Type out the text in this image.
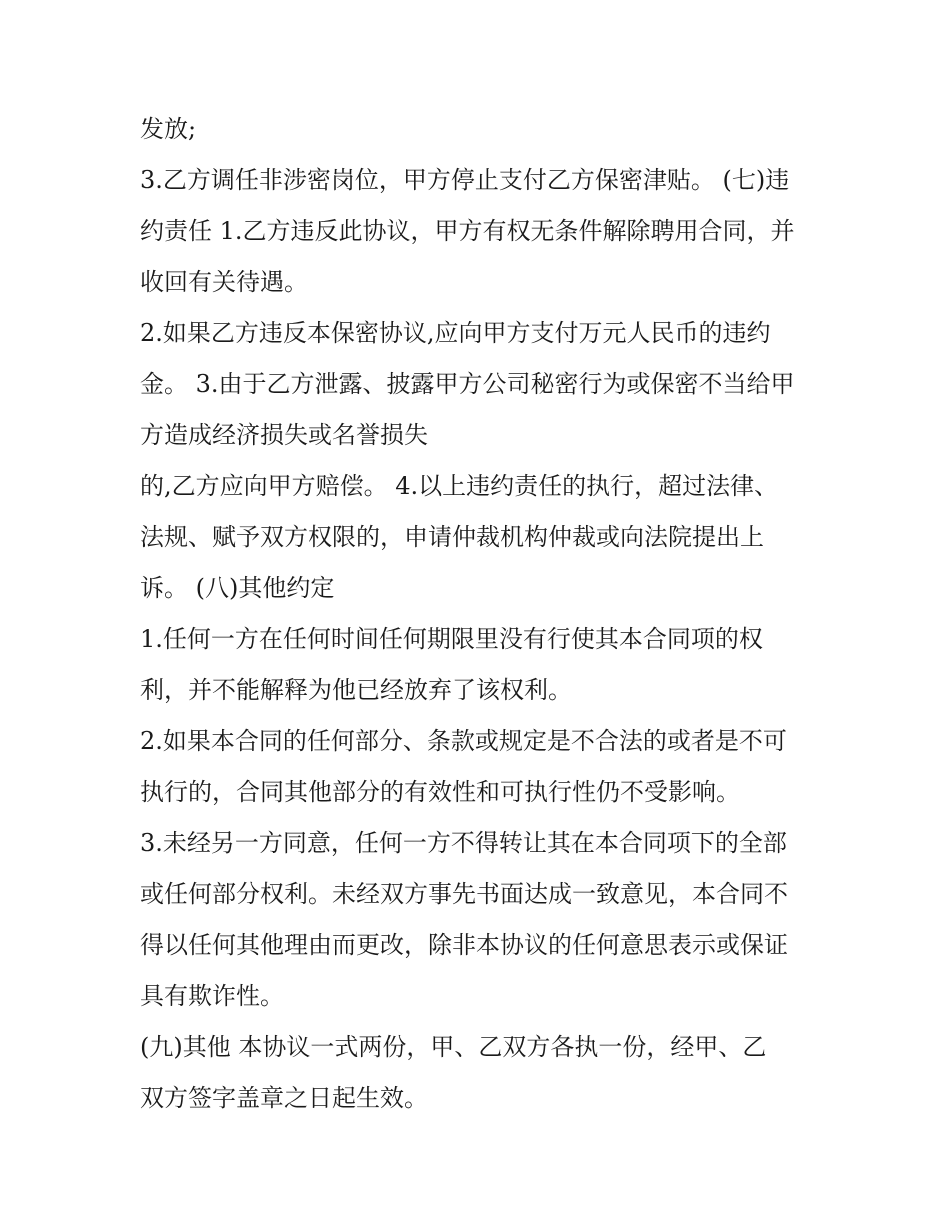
发放;
3.乙方调任非涉密岗位，甲方停止支付乙方保密津贴。 (七)违
约责任 1.乙方违反此协议，甲方有权无条件解除聘用合同，并
收回有关待遇。
2.如果乙方违反本保密协议,应向甲方支付万元人民币的违约
金。 3.由于乙方泄露、披露甲方公司秘密行为或保密不当给甲
方造成经济损失或名誉损失
的,乙方应向甲方赔偿。 4.以上违约责任的执行，超过法律、
法规、赋予双方权限的，申请仲裁机构仲裁或向法院提出上
诉。 (八)其他约定
1.任何一方在任何时间任何期限里没有行使其本合同项的权
利，并不能解释为他已经放弃了该权利。
2.如果本合同的任何部分、条款或规定是不合法的或者是不可
执行的，合同其他部分的有效性和可执行性仍不受影响。
3.未经另一方同意，任何一方不得转让其在本合同项下的全部
或任何部分权利。未经双方事先书面达成一致意见，本合同不
得以任何其他理由而更改，除非本协议的任何意思表示或保证
具有欺诈性。
(九)其他 本协议一式两份，甲、乙双方各执一份，经甲、乙
双方签字盖章之日起生效。
